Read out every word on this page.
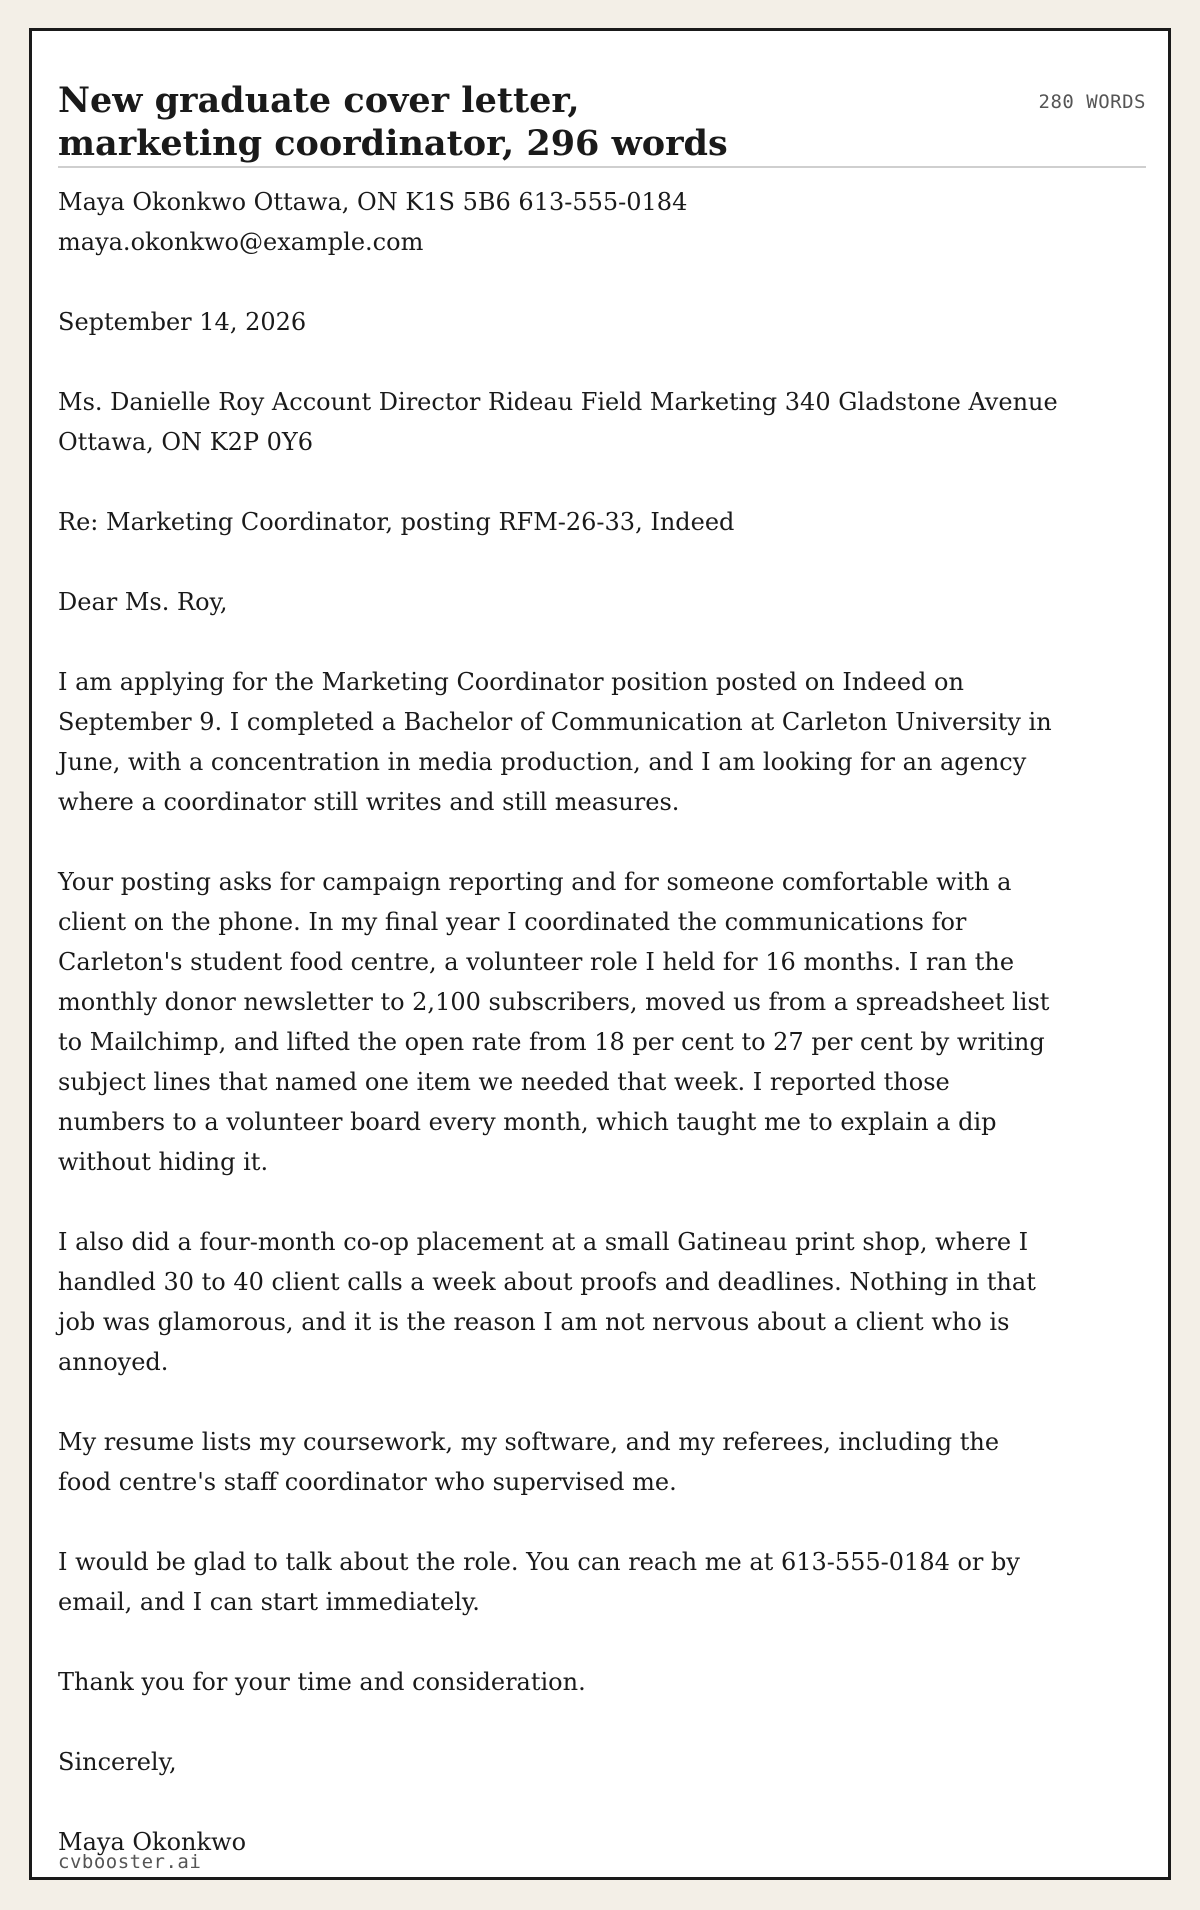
New graduate cover letter, marketing coordinator, 296 words
280 WORDS

Maya Okonkwo Ottawa, ON K1S 5B6 613-555-0184 maya.okonkwo@example.com

September 14, 2026

Ms. Danielle Roy Account Director Rideau Field Marketing 340 Gladstone Avenue Ottawa, ON K2P 0Y6

Re: Marketing Coordinator, posting RFM-26-33, Indeed

Dear Ms. Roy,

I am applying for the Marketing Coordinator position posted on Indeed on September 9. I completed a Bachelor of Communication at Carleton University in June, with a concentration in media production, and I am looking for an agency where a coordinator still writes and still measures.

Your posting asks for campaign reporting and for someone comfortable with a client on the phone. In my final year I coordinated the communications for Carleton's student food centre, a volunteer role I held for 16 months. I ran the monthly donor newsletter to 2,100 subscribers, moved us from a spreadsheet list to Mailchimp, and lifted the open rate from 18 per cent to 27 per cent by writing subject lines that named one item we needed that week. I reported those numbers to a volunteer board every month, which taught me to explain a dip without hiding it.

I also did a four-month co-op placement at a small Gatineau print shop, where I handled 30 to 40 client calls a week about proofs and deadlines. Nothing in that job was glamorous, and it is the reason I am not nervous about a client who is annoyed.

My resume lists my coursework, my software, and my referees, including the food centre's staff coordinator who supervised me.

I would be glad to talk about the role. You can reach me at 613-555-0184 or by email, and I can start immediately.

Thank you for your time and consideration.

Sincerely,

Maya Okonkwo

cvbooster.ai
